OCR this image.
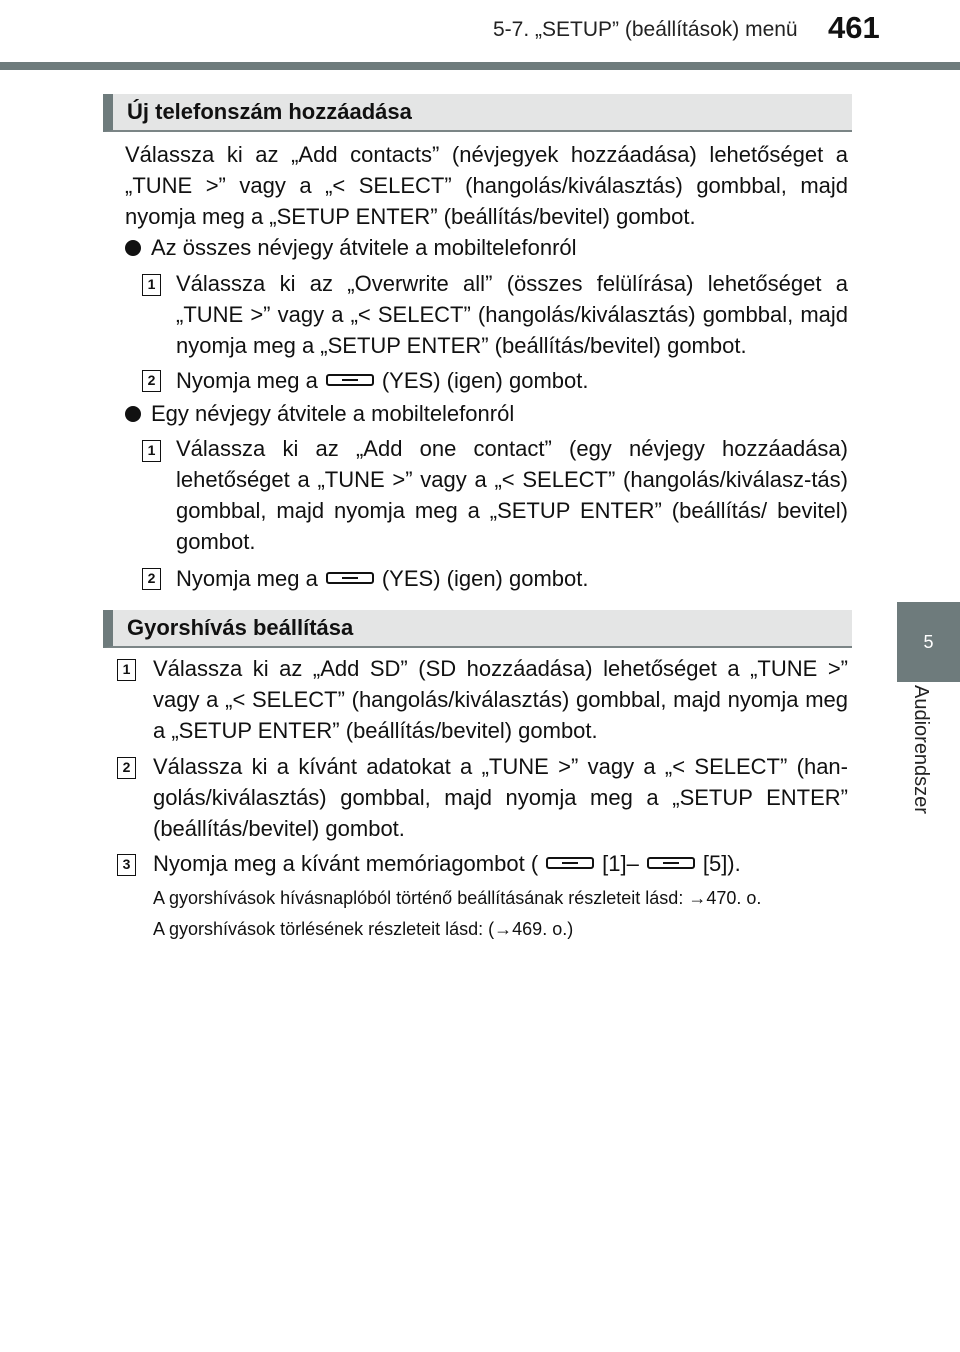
5-7. „SETUP” (beállítások) menü 461
5
Audiorendszer
Új telefonszám hozzáadása
Válassza ki az „Add contacts” (névjegyek hozzáadása) lehetőséget a „TUNE >” vagy a „< SELECT” (hangolás/kiválasztás) gombbal, majd nyomja meg a „SETUP ENTER” (beállítás/bevitel) gombot.
Az összes névjegy átvitele a mobiltelefonról
1 Válassza ki az „Overwrite all” (összes felülírása) lehetőséget a „TUNE >” vagy a „< SELECT” (hangolás/kiválasztás) gombbal, majd nyomja meg a „SETUP ENTER” (beállítás/bevitel) gombot.
2 Nyomja meg a	(YES) (igen) gombot.
Egy névjegy átvitele a mobiltelefonról
1 Válassza ki az „Add one contact” (egy névjegy hozzáadása) lehetőséget a „TUNE >” vagy a „< SELECT” (hangolás/kiválasz-tás) gombbal, majd nyomja meg a „SETUP ENTER” (beállítás/ bevitel) gombot.
2 Nyomja meg a	(YES) (igen) gombot.
Gyorshívás beállítása
1 Válassza ki az „Add SD” (SD hozzáadása) lehetőséget a „TUNE >” vagy a „< SELECT” (hangolás/kiválasztás) gombbal, majd nyomja meg a „SETUP ENTER” (beállítás/bevitel) gombot.
2 Válassza ki a kívánt adatokat a „TUNE >” vagy a „< SELECT” (han-golás/kiválasztás) gombbal, majd nyomja meg a „SETUP ENTER” (beállítás/bevitel) gombot.
3 Nyomja meg a kívánt memóriagombot (	[1]–	[5]).
A gyorshívások hívásnaplóból történő beállításának részleteit lásd: →470. o.
A gyorshívások törlésének részleteit lásd: (→469. o.)
